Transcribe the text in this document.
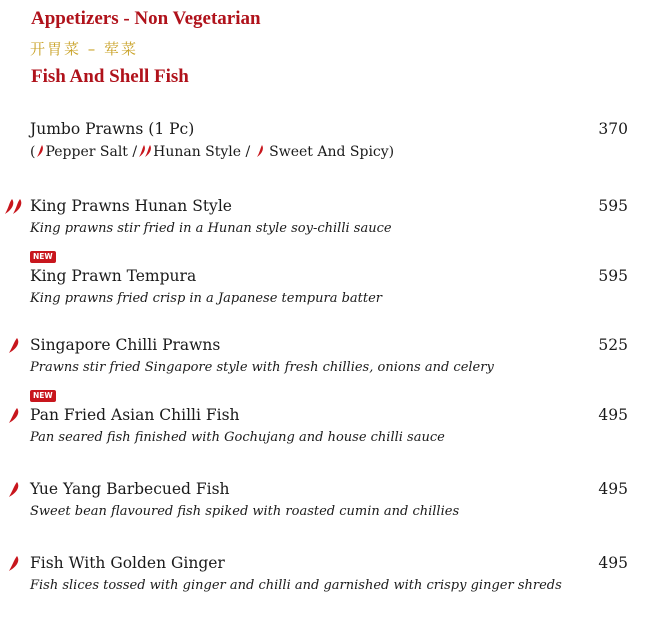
Appetizers - Non Vegetarian
开胃菜 – 荤菜
Fish And Shell Fish
Jumbo Prawns (1 Pc)	370
( Pepper Salt / Hunan Style / Sweet And Spicy)
King Prawns Hunan Style	595
King prawns stir fried in a Hunan style soy-chilli sauce
NEW
King Prawn Tempura	595
King prawns fried crisp in a Japanese tempura batter
Singapore Chilli Prawns	525
Prawns stir fried Singapore style with fresh chillies, onions and celery
NEW
Pan Fried Asian Chilli Fish	495
Pan seared fish finished with Gochujang and house chilli sauce
Yue Yang Barbecued Fish	495
Sweet bean flavoured fish spiked with roasted cumin and chillies
Fish With Golden Ginger	495
Fish slices tossed with ginger and chilli and garnished with crispy ginger shreds
